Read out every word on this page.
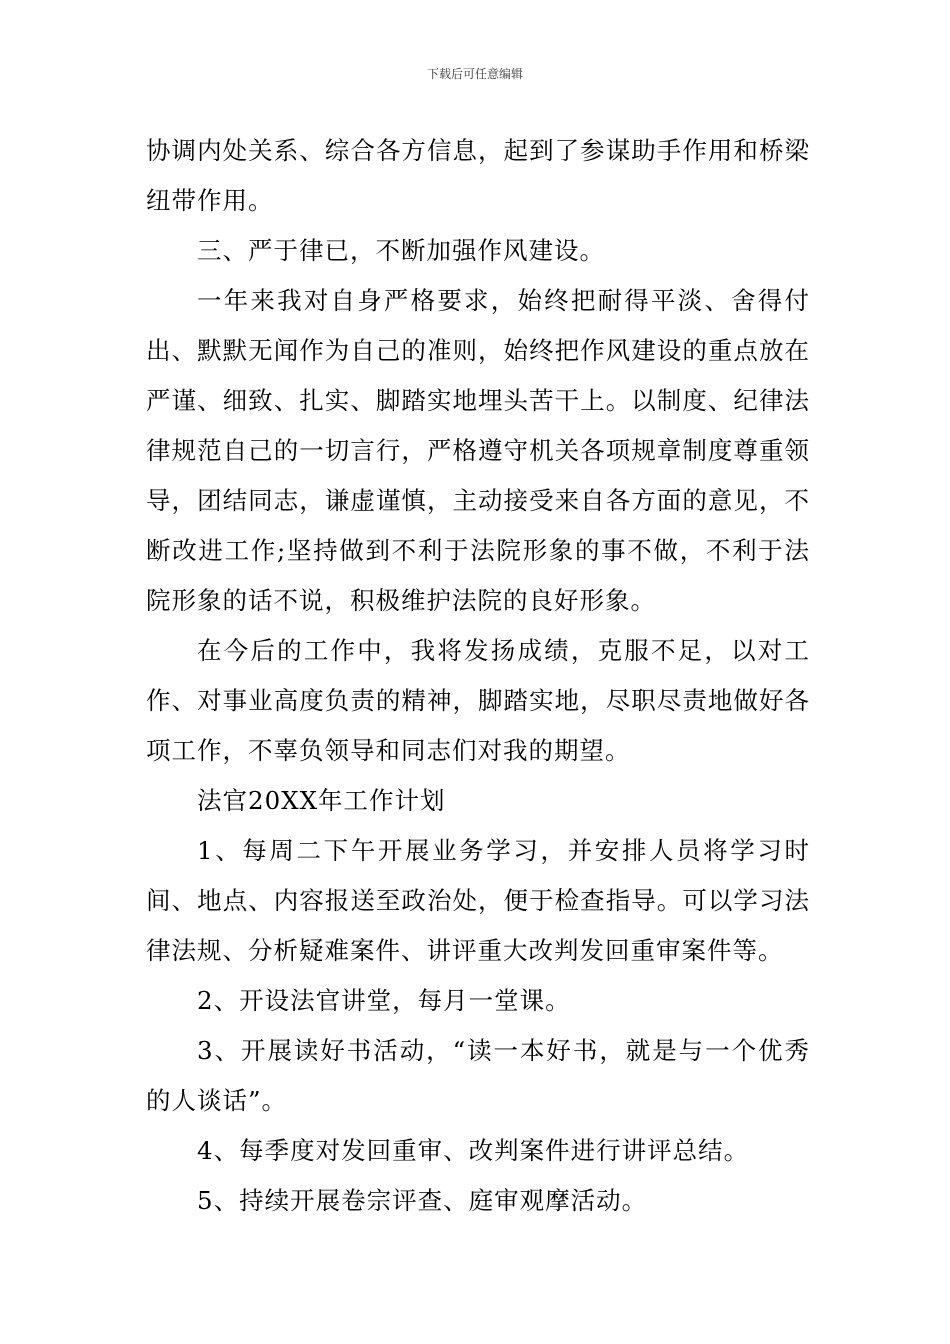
下载后可任意编辑

协调内处关系、综合各方信息，起到了参谋助手作用和桥梁纽带作用。

三、严于律已，不断加强作风建设。

一年来我对自身严格要求，始终把耐得平淡、舍得付出、默默无闻作为自己的准则，始终把作风建设的重点放在严谨、细致、扎实、脚踏实地埋头苦干上。以制度、纪律法律规范自己的一切言行，严格遵守机关各项规章制度尊重领导，团结同志，谦虚谨慎，主动接受来自各方面的意见，不断改进工作;坚持做到不利于法院形象的事不做，不利于法院形象的话不说，积极维护法院的良好形象。

在今后的工作中，我将发扬成绩，克服不足，以对工作、对事业高度负责的精神，脚踏实地，尽职尽责地做好各项工作，不辜负领导和同志们对我的期望。

法官20XX年工作计划

1、每周二下午开展业务学习，并安排人员将学习时间、地点、内容报送至政治处，便于检查指导。可以学习法律法规、分析疑难案件、讲评重大改判发回重审案件等。

2、开设法官讲堂，每月一堂课。

3、开展读好书活动，“读一本好书，就是与一个优秀的人谈话”。

4、每季度对发回重审、改判案件进行讲评总结。

5、持续开展卷宗评查、庭审观摩活动。
